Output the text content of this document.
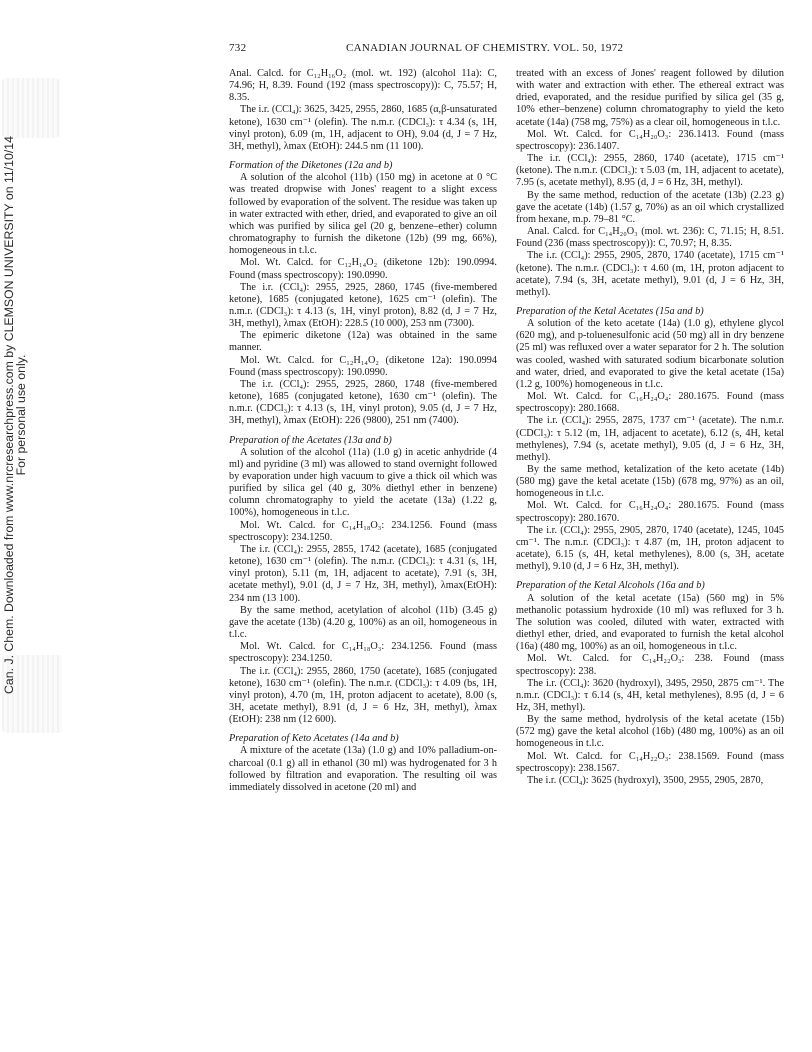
Can. J. Chem. Downloaded from www.nrcresearchpress.com by CLEMSON UNIVERSITY on 11/10/14
For personal use only.
732	CANADIAN JOURNAL OF CHEMISTRY. VOL. 50, 1972

Anal. Calcd. for C₁₂H₁₆O₂ (mol. wt. 192) (alcohol 11a): C, 74.96; H, 8.39. Found (192 (mass spectroscopy)): C, 75.57; H, 8.35.

The i.r. (CCl₄): 3625, 3425, 2955, 2860, 1685 (α,β-unsaturated ketone), 1630 cm⁻¹ (olefin). The n.m.r. (CDCl₃): τ 4.34 (s, 1H, vinyl proton), 6.09 (m, 1H, adjacent to OH), 9.04 (d, J = 7 Hz, 3H, methyl), λmax (EtOH): 244.5 nm (11 100).

Formation of the Diketones (12a and b)

A solution of the alcohol (11b) (150 mg) in acetone at 0 °C was treated dropwise with Jones' reagent to a slight excess followed by evaporation of the solvent. The residue was taken up in water extracted with ether, dried, and evaporated to give an oil which was purified by silica gel (20 g, benzene–ether) column chromatography to furnish the diketone (12b) (99 mg, 66%), homogeneous in t.l.c.

Mol. Wt. Calcd. for C₁₂H₁₄O₂ (diketone 12b): 190.0994. Found (mass spectroscopy): 190.0990.

The i.r. (CCl₄): 2955, 2925, 2860, 1745 (five-membered ketone), 1685 (conjugated ketone), 1625 cm⁻¹ (olefin). The n.m.r. (CDCl₃): τ 4.13 (s, 1H, vinyl proton), 8.82 (d, J = 7 Hz, 3H, methyl), λmax (EtOH): 228.5 (10 000), 253 nm (7300).

The epimeric diketone (12a) was obtained in the same manner.

Mol. Wt. Calcd. for C₁₂H₁₄O₂ (diketone 12a): 190.0994 Found (mass spectroscopy): 190.0990.

The i.r. (CCl₄): 2955, 2925, 2860, 1748 (five-membered ketone), 1685 (conjugated ketone), 1630 cm⁻¹ (olefin). The n.m.r. (CDCl₃): τ 4.13 (s, 1H, vinyl proton), 9.05 (d, J = 7 Hz, 3H, methyl), λmax (EtOH): 226 (9800), 251 nm (7400).

Preparation of the Acetates (13a and b)

A solution of the alcohol (11a) (1.0 g) in acetic anhydride (4 ml) and pyridine (3 ml) was allowed to stand overnight followed by evaporation under high vacuum to give a thick oil which was purified by silica gel (40 g, 30% diethyl ether in benzene) column chromatography to yield the acetate (13a) (1.22 g, 100%), homogeneous in t.l.c.

Mol. Wt. Calcd. for C₁₄H₁₈O₃: 234.1256. Found (mass spectroscopy): 234.1250.

The i.r. (CCl₄): 2955, 2855, 1742 (acetate), 1685 (conjugated ketone), 1630 cm⁻¹ (olefin). The n.m.r. (CDCl₃): τ 4.31 (s, 1H, vinyl proton), 5.11 (m, 1H, adjacent to acetate), 7.91 (s, 3H, acetate methyl), 9.01 (d, J = 7 Hz, 3H, methyl), λmax(EtOH): 234 nm (13 100).

By the same method, acetylation of alcohol (11b) (3.45 g) gave the acetate (13b) (4.20 g, 100%) as an oil, homogeneous in t.l.c.

Mol. Wt. Calcd. for C₁₄H₁₈O₃: 234.1256. Found (mass spectroscopy): 234.1250.

The i.r. (CCl₄): 2955, 2860, 1750 (acetate), 1685 (conjugated ketone), 1630 cm⁻¹ (olefin). The n.m.r. (CDCl₃): τ 4.09 (bs, 1H, vinyl proton), 4.70 (m, 1H, proton adjacent to acetate), 8.00 (s, 3H, acetate methyl), 8.91 (d, J = 6 Hz, 3H, methyl), λmax (EtOH): 238 nm (12 600).

Preparation of Keto Acetates (14a and b)

A mixture of the acetate (13a) (1.0 g) and 10% palladium-on-charcoal (0.1 g) all in ethanol (30 ml) was hydrogenated for 3 h followed by filtration and evaporation. The resulting oil was immediately dissolved in acetone (20 ml) and

treated with an excess of Jones' reagent followed by dilution with water and extraction with ether. The ethereal extract was dried, evaporated, and the residue purified by silica gel (35 g, 10% ether–benzene) column chromatography to yield the keto acetate (14a) (758 mg, 75%) as a clear oil, homogeneous in t.l.c.

Mol. Wt. Calcd. for C₁₄H₂₀O₃: 236.1413. Found (mass spectroscopy): 236.1407.

The i.r. (CCl₄): 2955, 2860, 1740 (acetate), 1715 cm⁻¹ (ketone). The n.m.r. (CDCl₃): τ 5.03 (m, 1H, adjacent to acetate), 7.95 (s, acetate methyl), 8.95 (d, J = 6 Hz, 3H, methyl).

By the same method, reduction of the acetate (13b) (2.23 g) gave the acetate (14b) (1.57 g, 70%) as an oil which crystallized from hexane, m.p. 79–81 °C.

Anal. Calcd. for C₁₄H₂₀O₃ (mol. wt. 236): C, 71.15; H, 8.51. Found (236 (mass spectroscopy)): C, 70.97; H, 8.35.

The i.r. (CCl₄): 2955, 2905, 2870, 1740 (acetate), 1715 cm⁻¹ (ketone). The n.m.r. (CDCl₃): τ 4.60 (m, 1H, proton adjacent to acetate), 7.94 (s, 3H, acetate methyl), 9.01 (d, J = 6 Hz, 3H, methyl).

Preparation of the Ketal Acetates (15a and b)

A solution of the keto acetate (14a) (1.0 g), ethylene glycol (620 mg), and p-toluenesulfonic acid (50 mg) all in dry benzene (25 ml) was refluxed over a water separator for 2 h. The solution was cooled, washed with saturated sodium bicarbonate solution and water, dried, and evaporated to give the ketal acetate (15a) (1.2 g, 100%) homogeneous in t.l.c.

Mol. Wt. Calcd. for C₁₆H₂₄O₄: 280.1675. Found (mass spectroscopy): 280.1668.

The i.r. (CCl₄): 2955, 2875, 1737 cm⁻¹ (acetate). The n.m.r. (CDCl₃): τ 5.12 (m, 1H, adjacent to acetate), 6.12 (s, 4H, ketal methylenes), 7.94 (s, acetate methyl), 9.05 (d, J = 6 Hz, 3H, methyl).

By the same method, ketalization of the keto acetate (14b) (580 mg) gave the ketal acetate (15b) (678 mg, 97%) as an oil, homogeneous in t.l.c.

Mol. Wt. Calcd. for C₁₆H₂₄O₄: 280.1675. Found (mass spectroscopy): 280.1670.

The i.r. (CCl₄): 2955, 2905, 2870, 1740 (acetate), 1245, 1045 cm⁻¹. The n.m.r. (CDCl₃): τ 4.87 (m, 1H, proton adjacent to acetate), 6.15 (s, 4H, ketal methylenes), 8.00 (s, 3H, acetate methyl), 9.10 (d, J = 6 Hz, 3H, methyl).

Preparation of the Ketal Alcohols (16a and b)

A solution of the ketal acetate (15a) (560 mg) in 5% methanolic potassium hydroxide (10 ml) was refluxed for 3 h. The solution was cooled, diluted with water, extracted with diethyl ether, dried, and evaporated to furnish the ketal alcohol (16a) (480 mg, 100%) as an oil, homogeneous in t.l.c.

Mol. Wt. Calcd. for C₁₄H₂₂O₃: 238. Found (mass spectroscopy): 238.

The i.r. (CCl₄): 3620 (hydroxyl), 3495, 2950, 2875 cm⁻¹. The n.m.r. (CDCl₃): τ 6.14 (s, 4H, ketal methylenes), 8.95 (d, J = 6 Hz, 3H, methyl).

By the same method, hydrolysis of the ketal acetate (15b) (572 mg) gave the ketal alcohol (16b) (480 mg, 100%) as an oil homogeneous in t.l.c.

Mol. Wt. Calcd. for C₁₄H₂₂O₃: 238.1569. Found (mass spectroscopy): 238.1567.

The i.r. (CCl₄): 3625 (hydroxyl), 3500, 2955, 2905, 2870,
